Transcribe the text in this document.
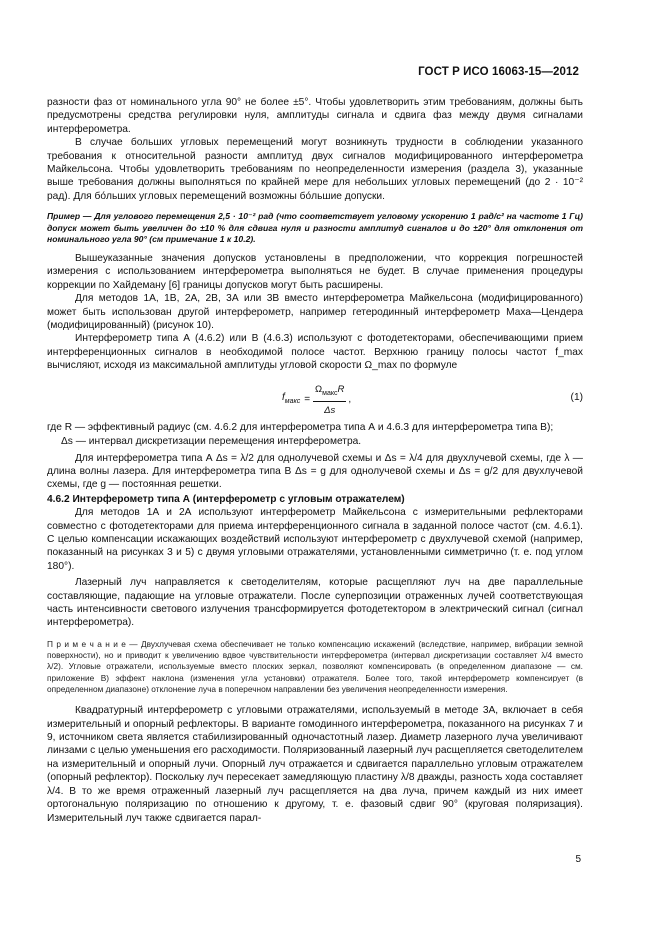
ГОСТ Р ИСО 16063-15—2012

разности фаз от номинального угла 90° не более ±5°. Чтобы удовлетворить этим требованиям, должны быть предусмотрены средства регулировки нуля, амплитуды сигнала и сдвига фаз между двумя сигналами интерферометра.

В случае больших угловых перемещений могут возникнуть трудности в соблюдении указанного требования к относительной разности амплитуд двух сигналов модифицированного интерферометра Майкельсона. Чтобы удовлетворить требованиям по неопределенности измерения (раздела 3), указанные выше требования должны выполняться по крайней мере для небольших угловых перемещений (до 2 · 10⁻² рад). Для бо́льших угловых перемещений возможны бо́льшие допуски.

Пример — Для углового перемещения 2,5 · 10⁻² рад (что соответствует угловому ускорению 1 рад/с² на частоте 1 Гц) допуск может быть увеличен до ±10 % для сдвига нуля и разности амплитуд сигналов и до ±20° для отклонения от номинального угла 90° (см примечание 1 к 10.2).

Вышеуказанные значения допусков установлены в предположении, что коррекция погрешностей измерения с использованием интерферометра выполняться не будет. В случае применения процедуры коррекции по Хайдеману [6] границы допусков могут быть расширены.

Для методов 1А, 1В, 2А, 2В, 3А или 3В вместо интерферометра Майкельсона (модифицированного) может быть использован другой интерферометр, например гетеродинный интерферометр Маха—Цендера (модифицированный) (рисунок 10).

Интерферометр типа А (4.6.2) или В (4.6.3) используют с фотодетекторами, обеспечивающими прием интерференционных сигналов в необходимой полосе частот. Верхнюю границу полосы частот f_max вычисляют, исходя из максимальной амплитуды угловой скорости Ω_max по формуле

$f_{макс} = \frac{\Omega_{макс}R}{\Delta s}$ ,	(1)

где R — эффективный радиус (см. 4.6.2 для интерферометра типа А и 4.6.3 для интерферометра типа В);

Δs — интервал дискретизации перемещения интерферометра.

Для интерферометра типа А Δs = λ/2 для однолучевой схемы и Δs = λ/4 для двухлучевой схемы, где λ — длина волны лазера. Для интерферометра типа В Δs = g для однолучевой схемы и Δs = g/2 для двухлучевой схемы, где g — постоянная решетки.

4.6.2 Интерферометр типа А (интерферометр с угловым отражателем)

Для методов 1А и 2А используют интерферометр Майкельсона с измерительными рефлекторами совместно с фотодетекторами для приема интерференционного сигнала в заданной полосе частот (см. 4.6.1). С целью компенсации искажающих воздействий используют интерферометр с двухлучевой схемой (например, показанный на рисунках 3 и 5) с двумя угловыми отражателями, установленными симметрично (т. е. под углом 180°).

Лазерный луч направляется к светоделителям, которые расщепляют луч на две параллельные составляющие, падающие на угловые отражатели. После суперпозиции отраженных лучей соответствующая часть интенсивности светового излучения трансформируется фотодетектором в электрический сигнал (сигнал интерферометра).

П р и м е ч а н и е — Двухлучевая схема обеспечивает не только компенсацию искажений (вследствие, например, вибрации земной поверхности), но и приводит к увеличению вдвое чувствительности интерферометра (интервал дискретизации составляет λ/4 вместо λ/2). Угловые отражатели, используемые вместо плоских зеркал, позволяют компенсировать (в определенном диапазоне — см. приложение В) эффект наклона (изменения угла установки) отражателя. Более того, такой интерферометр компенсирует (в определенном диапазоне) отклонение луча в поперечном направлении без увеличения неопределенности измерения.

Квадратурный интерферометр с угловыми отражателями, используемый в методе 3А, включает в себя измерительный и опорный рефлекторы. В варианте гомодинного интерферометра, показанного на рисунках 7 и 9, источником света является стабилизированный одночастотный лазер. Диаметр лазерного луча увеличивают линзами с целью уменьшения его расходимости. Поляризованный лазерный луч расщепляется светоделителем на измерительный и опорный лучи. Опорный луч отражается и сдвигается параллельно угловым отражателем (опорный рефлектор). Поскольку луч пересекает замедляющую пластину λ/8 дважды, разность хода составляет λ/4. В то же время отраженный лазерный луч расщепляется на два луча, причем каждый из них имеет ортогональную поляризацию по отношению к другому, т. е. фазовый сдвиг 90° (круговая поляризация). Измерительный луч также сдвигается парал-

5
